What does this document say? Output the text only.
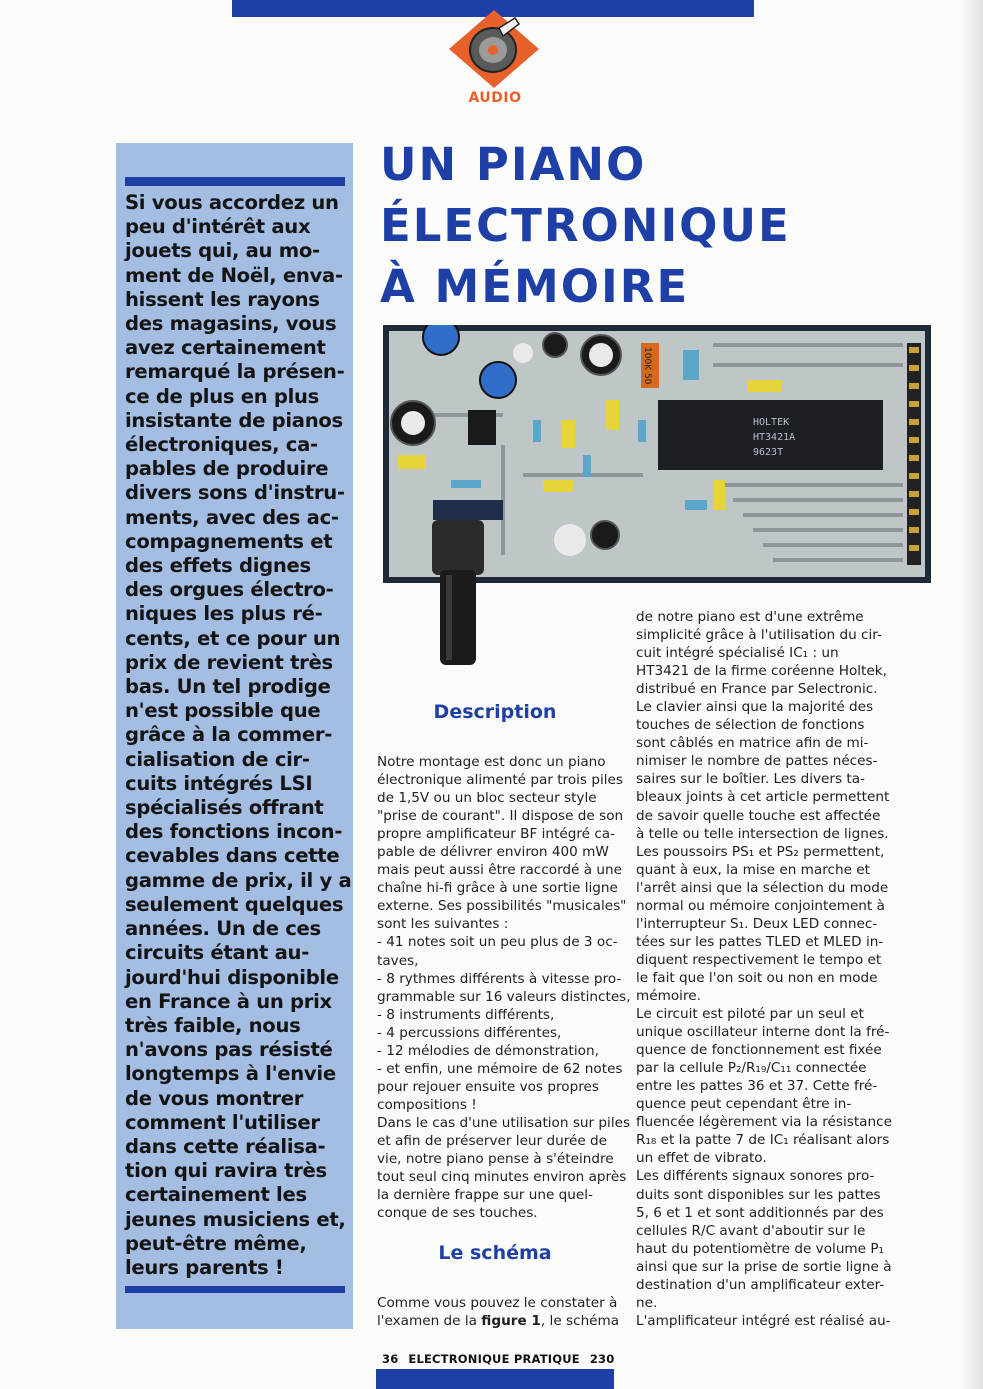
AUDIO
Si vous accordez un
peu d'intérêt aux
jouets qui, au mo-
ment de Noël, enva-
hissent les rayons
des magasins, vous
avez certainement
remarqué la présen-
ce de plus en plus
insistante de pianos
électroniques, ca-
pables de produire
divers sons d'instru-
ments, avec des ac-
compagnements et
des effets dignes
des orgues électro-
niques les plus ré-
cents, et ce pour un
prix de revient très
bas. Un tel prodige
n'est possible que
grâce à la commer-
cialisation de cir-
cuits intégrés LSI
spécialisés offrant
des fonctions incon-
cevables dans cette
gamme de prix, il y a
seulement quelques
années. Un de ces
circuits étant au-
jourd'hui disponible
en France à un prix
très faible, nous
n'avons pas résisté
longtemps à l'envie
de vous montrer
comment l'utiliser
dans cette réalisa-
tion qui ravira très
certainement les
jeunes musiciens et,
peut-être même,
leurs parents !
UN PIANO
ÉLECTRONIQUE
À MÉMOIRE
HOLTEK
HT3421A
9623T
100K 50
Description
Notre montage est donc un piano
électronique alimenté par trois piles
de 1,5V ou un bloc secteur style
"prise de courant". Il dispose de son
propre amplificateur BF intégré ca-
pable de délivrer environ 400 mW
mais peut aussi être raccordé à une
chaîne hi-fi grâce à une sortie ligne
externe. Ses possibilités "musicales"
sont les suivantes :
- 41 notes soit un peu plus de 3 oc-
taves,
- 8 rythmes différents à vitesse pro-
grammable sur 16 valeurs distinctes,
- 8 instruments différents,
- 4 percussions différentes,
- 12 mélodies de démonstration,
- et enfin, une mémoire de 62 notes
pour rejouer ensuite vos propres
compositions !
Dans le cas d'une utilisation sur piles
et afin de préserver leur durée de
vie, notre piano pense à s'éteindre
tout seul cinq minutes environ après
la dernière frappe sur une quel-
conque de ses touches.
Le schéma
Comme vous pouvez le constater à
l'examen de la figure 1, le schéma
de notre piano est d'une extrême
simplicité grâce à l'utilisation du cir-
cuit intégré spécialisé IC₁ : un
HT3421 de la firme coréenne Holtek,
distribué en France par Selectronic.
Le clavier ainsi que la majorité des
touches de sélection de fonctions
sont câblés en matrice afin de mi-
nimiser le nombre de pattes néces-
saires sur le boîtier. Les divers ta-
bleaux joints à cet article permettent
de savoir quelle touche est affectée
à telle ou telle intersection de lignes.
Les poussoirs PS₁ et PS₂ permettent,
quant à eux, la mise en marche et
l'arrêt ainsi que la sélection du mode
normal ou mémoire conjointement à
l'interrupteur S₁. Deux LED connec-
tées sur les pattes TLED et MLED in-
diquent respectivement le tempo et
le fait que l'on soit ou non en mode
mémoire.
Le circuit est piloté par un seul et
unique oscillateur interne dont la fré-
quence de fonctionnement est fixée
par la cellule P₂/R₁₉/C₁₁ connectée
entre les pattes 36 et 37. Cette fré-
quence peut cependant être in-
fluencée légèrement via la résistance
R₁₈ et la patte 7 de IC₁ réalisant alors
un effet de vibrato.
Les différents signaux sonores pro-
duits sont disponibles sur les pattes
5, 6 et 1 et sont additionnés par des
cellules R/C avant d'aboutir sur le
haut du potentiomètre de volume P₁
ainsi que sur la prise de sortie ligne à
destination d'un amplificateur exter-
ne.
L'amplificateur intégré est réalisé au-
36 ELECTRONIQUE PRATIQUE 230
